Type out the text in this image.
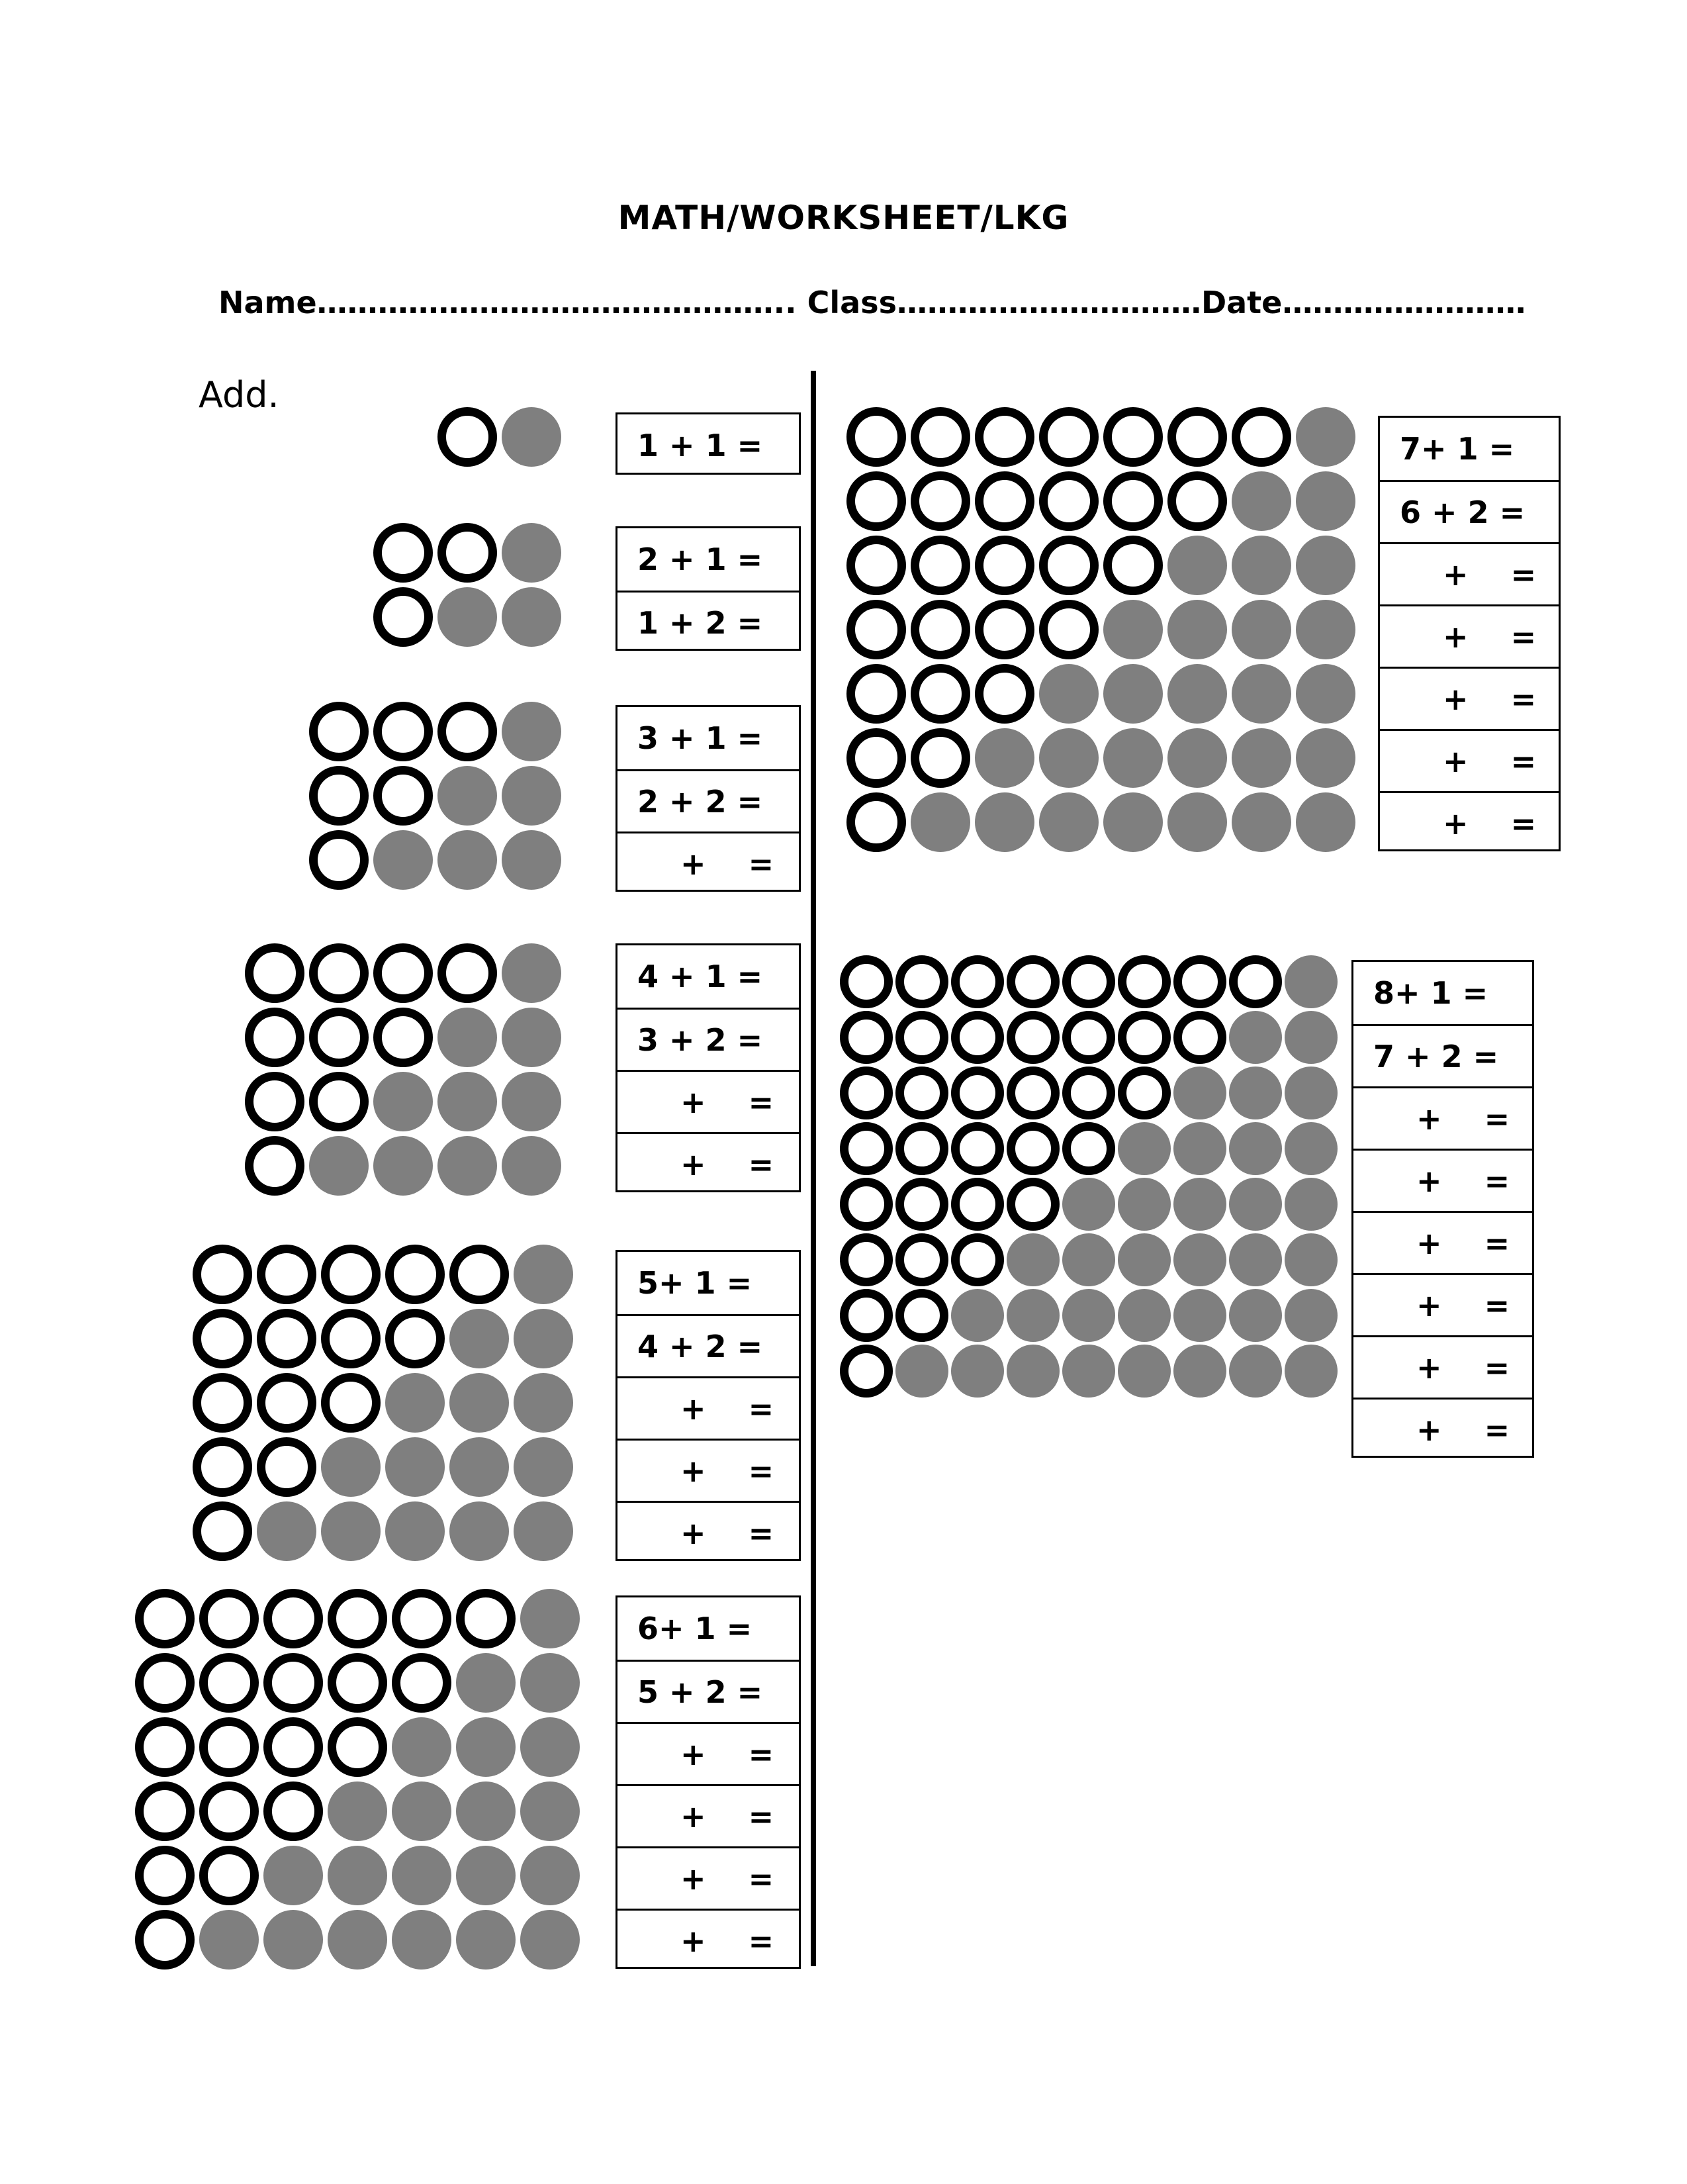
MATH/WORKSHEET/LKG
Name……………………………………….. Class…………………………Date……………………
Add.
1 + 1 =
2 + 1 =
1 + 2 =
3 + 1 =
2 + 2 =
+    =
4 + 1 =
3 + 2 =
+    =
+    =
5+ 1 =
4 + 2 =
+    =
+    =
+    =
6+ 1 =
5 + 2 =
+    =
+    =
+    =
+    =
7+ 1 =
6 + 2 =
+    =
+    =
+    =
+    =
+    =
8+ 1 =
7 + 2 =
+    =
+    =
+    =
+    =
+    =
+    =
